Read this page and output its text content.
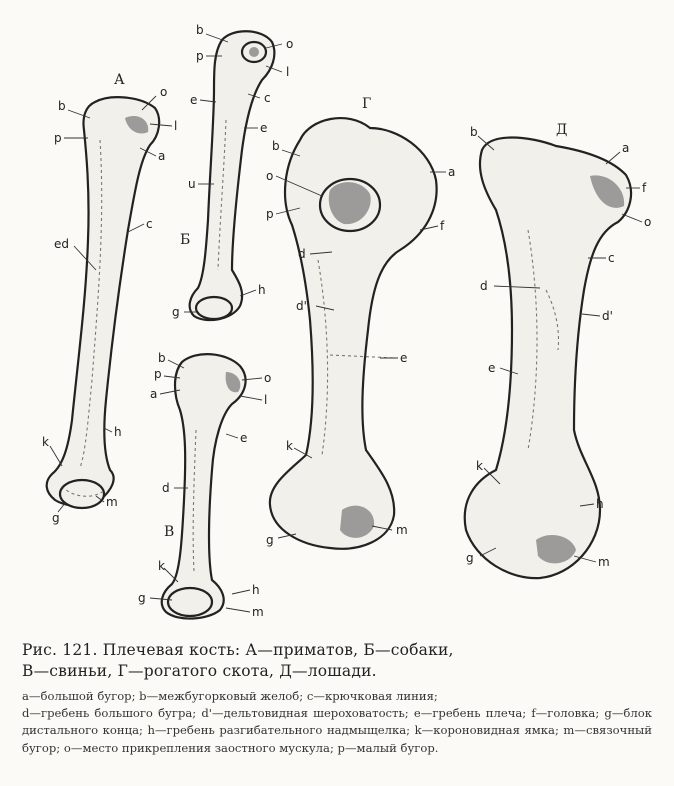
А
Б
В
Г
Д
b
p
o
l
a
c
ed
h
k
m
g
b
p
o
l
c
e
e
u
h
g
b
p
a
o
l
e
d
k
h
g
m
b
o
p
a
f
d
d'
e
k
m
g
b
a
f
o
c
d
d'
e
k
h
g	m
Рис. 121. Плечевая кость: А—приматов, Б—собаки,
В—свиньи, Г—рогатого скота, Д—лошади.
a—большой бугор; b—межбугорковый желоб; c—крючковая линия;
d—гребень большого бугра; d'—дельтовидная шероховатость; e—гребень плеча; f—головка; g—блок дистального конца; h—гребень разгибательного надмыщелка; k—короновидная ямка; m—связочный бугор; o—место прикрепления заостного мускула; p—малый бугор.
